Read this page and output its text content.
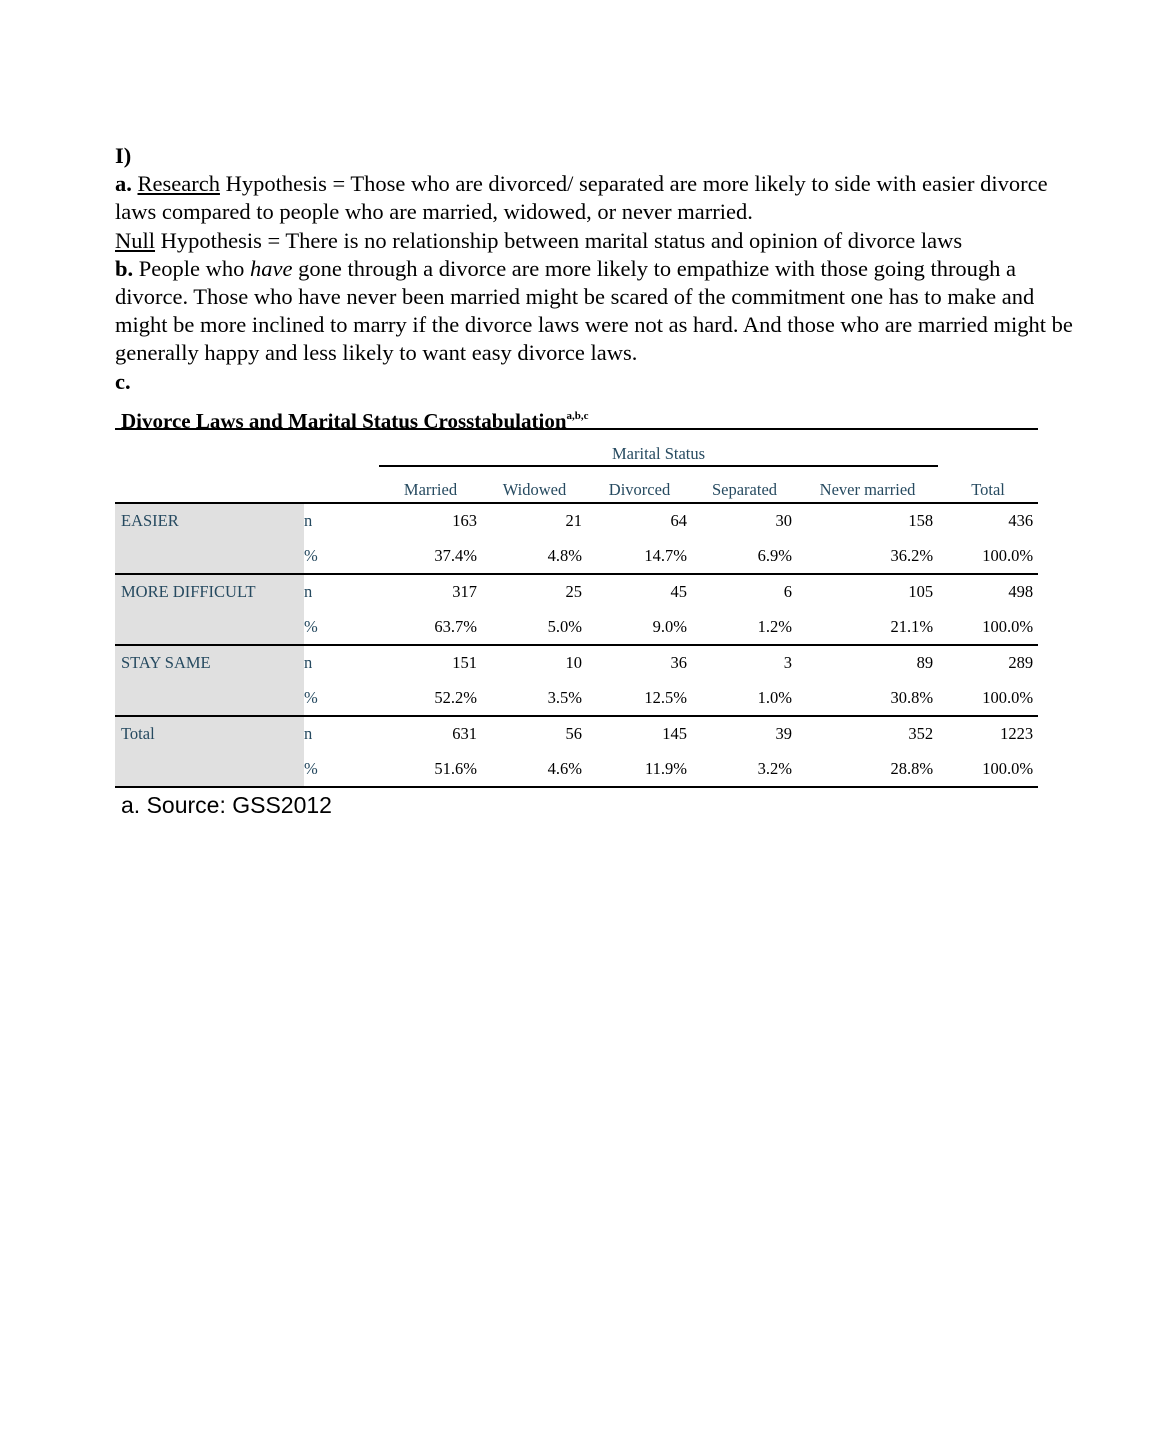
I)

a. Research Hypothesis = Those who are divorced/ separated are more likely to side with easier divorce laws compared to people who are married, widowed, or never married.

Null Hypothesis = There is no relationship between marital status and opinion of divorce laws

b. People who have gone through a divorce are more likely to empathize with those going through a divorce. Those who have never been married might be scared of the commitment one has to make and might be more inclined to marry if the divorce laws were not as hard. And those who are married might be generally happy and less likely to want easy divorce laws.

c.

Divorce Laws and Marital Status Crosstabulation$^{a,b,c}$
		Marital Status					
		Married	Widowed	Divorced	Separated	Never married	Total
EASIER	n	163	21	64	30	158	436
	%	37.4%	4.8%	14.7%	6.9%	36.2%	100.0%
MORE DIFFICULT	n	317	25	45	6	105	498
	%	63.7%	5.0%	9.0%	1.2%	21.1%	100.0%
STAY SAME	n	151	10	36	3	89	289
	%	52.2%	3.5%	12.5%	1.0%	30.8%	100.0%
Total	n	631	56	145	39	352	1223
	%	51.6%	4.6%	11.9%	3.2%	28.8%	100.0%
a. Source: GSS2012
